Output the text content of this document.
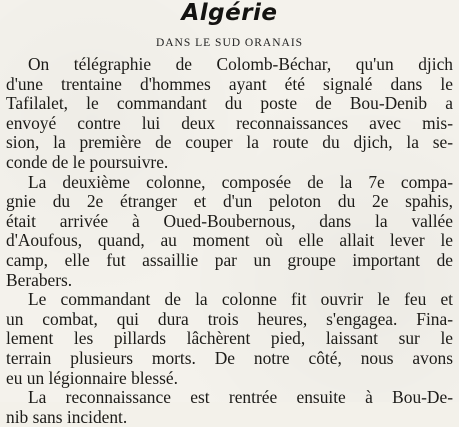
Algérie
DANS LE SUD ORANAIS
On télégraphie de Colomb-Béchar, qu'un djich
d'une trentaine d'hommes ayant été signalé dans le
Tafilalet, le commandant du poste de Bou-Denib a
envoyé contre lui deux reconnaissances avec mis-
sion, la première de couper la route du djich, la se-
conde de le poursuivre.
La deuxième colonne, composée de la 7e compa-
gnie du 2e étranger et d'un peloton du 2e spahis,
était arrivée à Oued-Boubernous, dans la vallée
d'Aoufous, quand, au moment où elle allait lever le
camp, elle fut assaillie par un groupe important de
Berabers.
Le commandant de la colonne fit ouvrir le feu et
un combat, qui dura trois heures, s'engagea. Fina-
lement les pillards lâchèrent pied, laissant sur le
terrain plusieurs morts. De notre côté, nous avons
eu un légionnaire blessé.
La reconnaissance est rentrée ensuite à Bou-De-
nib sans incident.
